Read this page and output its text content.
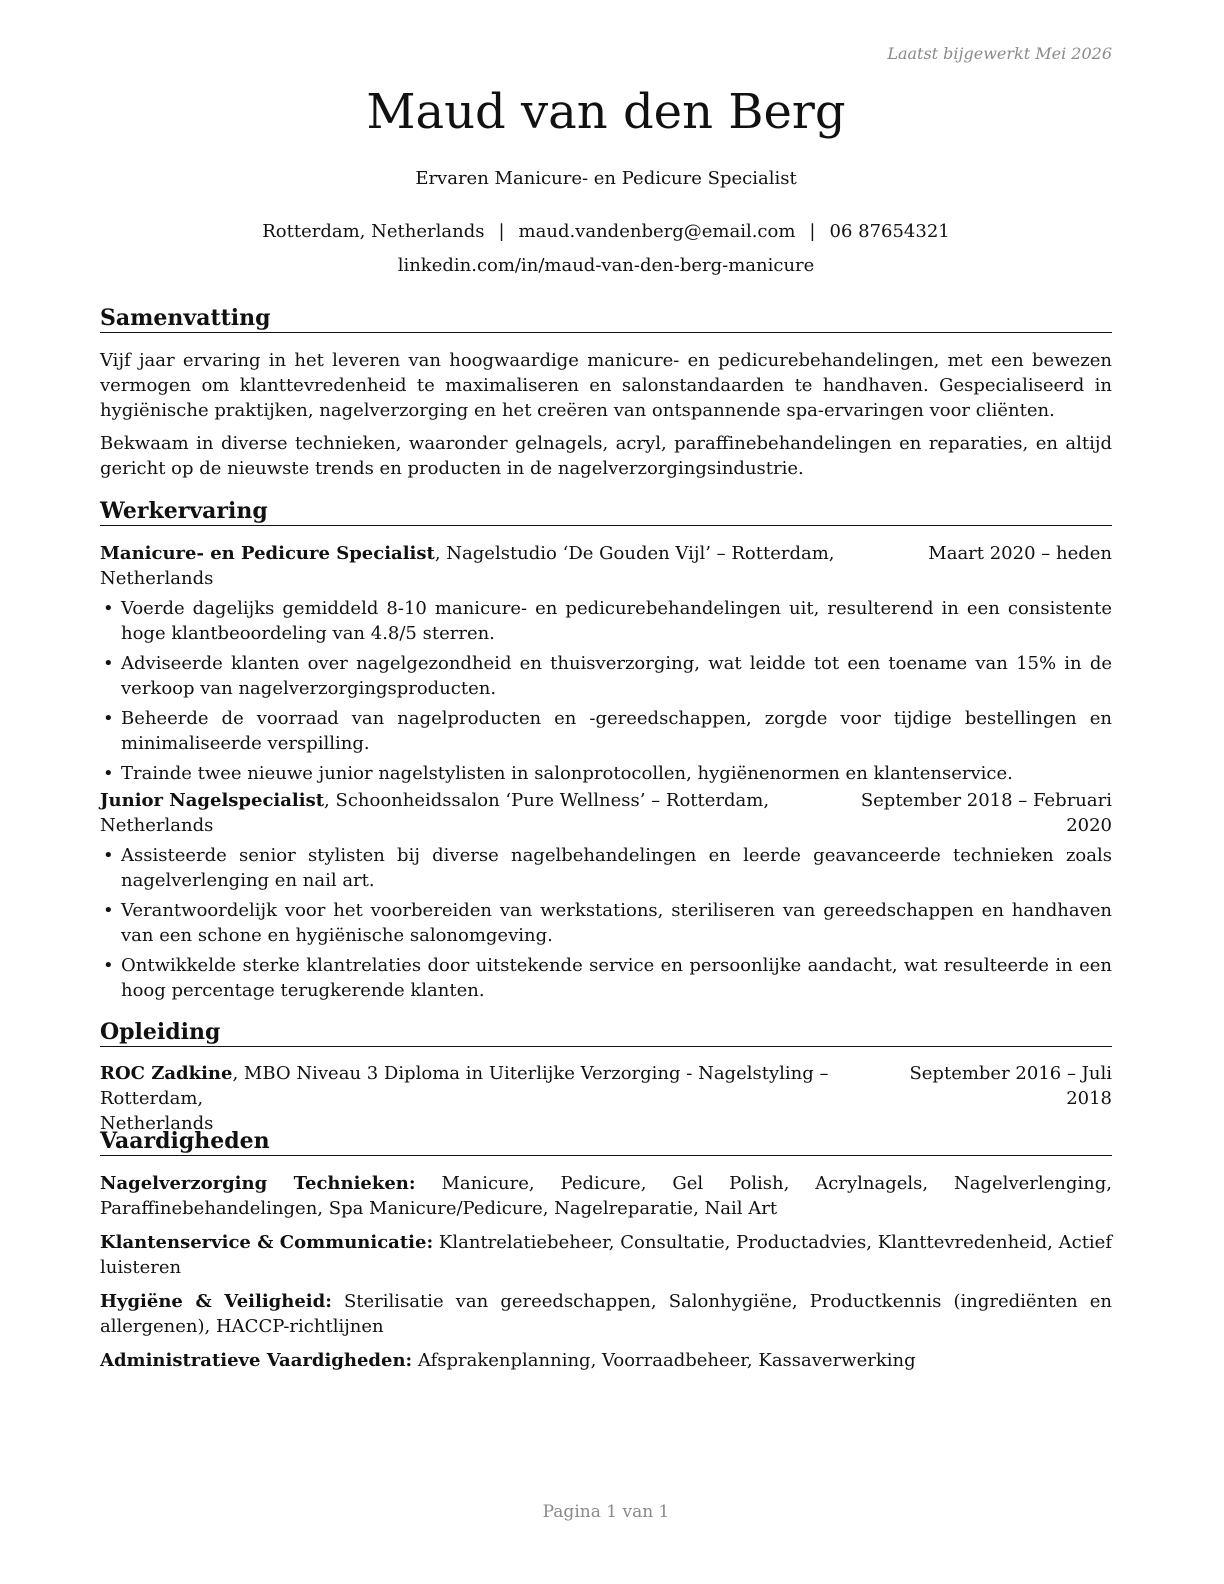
Laatst bijgewerkt Mei 2026
Maud van den Berg
Ervaren Manicure- en Pedicure Specialist
Rotterdam, Netherlands | maud.vandenberg@email.com | 06 87654321
linkedin.com/in/maud-van-den-berg-manicure
Samenvatting

Vijf jaar ervaring in het leveren van hoogwaardige manicure- en pedicurebehandelingen, met een bewezen vermogen om klanttevredenheid te maximaliseren en salonstandaarden te handhaven. Gespecialiseerd in hygiënische praktijken, nagelverzorging en het creëren van ontspannende spa-ervaringen voor cliënten.

Bekwaam in diverse technieken, waaronder gelnagels, acryl, paraffinebehandelingen en reparaties, en altijd gericht op de nieuwste trends en producten in de nagelverzorgingsindustrie.

Werkervaring
Manicure- en Pedicure Specialist, Nagelstudio ‘De Gouden Vijl’ – Rotterdam, Netherlands
Maart 2020 – heden
• Voerde dagelijks gemiddeld 8-10 manicure- en pedicurebehandelingen uit, resulterend in een consistente hoge klantbeoordeling van 4.8/5 sterren.
• Adviseerde klanten over nagelgezondheid en thuisverzorging, wat leidde tot een toename van 15% in de verkoop van nagelverzorgingsproducten.
• Beheerde de voorraad van nagelproducten en -gereedschappen, zorgde voor tijdige bestellingen en minimaliseerde verspilling.
• Trainde twee nieuwe junior nagelstylisten in salonprotocollen, hygiënenormen en klantenservice.
Junior Nagelspecialist, Schoonheidssalon ‘Pure Wellness’ – Rotterdam, Netherlands
September 2018 – Februari
2020
• Assisteerde senior stylisten bij diverse nagelbehandelingen en leerde geavanceerde technieken zoals nagelverlenging en nail art.
• Verantwoordelijk voor het voorbereiden van werkstations, steriliseren van gereedschappen en handhaven van een schone en hygiënische salonomgeving.
• Ontwikkelde sterke klantrelaties door uitstekende service en persoonlijke aandacht, wat resulteerde in een hoog percentage terugkerende klanten.
Opleiding
ROC Zadkine, MBO Niveau 3 Diploma in Uiterlijke Verzorging - Nagelstyling – Rotterdam,
Netherlands
September 2016 – Juli
2018
Vaardigheden

Nagelverzorging Technieken: Manicure, Pedicure, Gel Polish, Acrylnagels, Nagelverlenging, Paraffinebehandelingen, Spa Manicure/Pedicure, Nagelreparatie, Nail Art

Klantenservice & Communicatie: Klantrelatiebeheer, Consultatie, Productadvies, Klanttevredenheid, Actief luisteren

Hygiëne & Veiligheid: Sterilisatie van gereedschappen, Salonhygiëne, Productkennis (ingrediënten en allergenen), HACCP-richtlijnen

Administratieve Vaardigheden: Afsprakenplanning, Voorraadbeheer, Kassaverwerking

Pagina 1 van 1
